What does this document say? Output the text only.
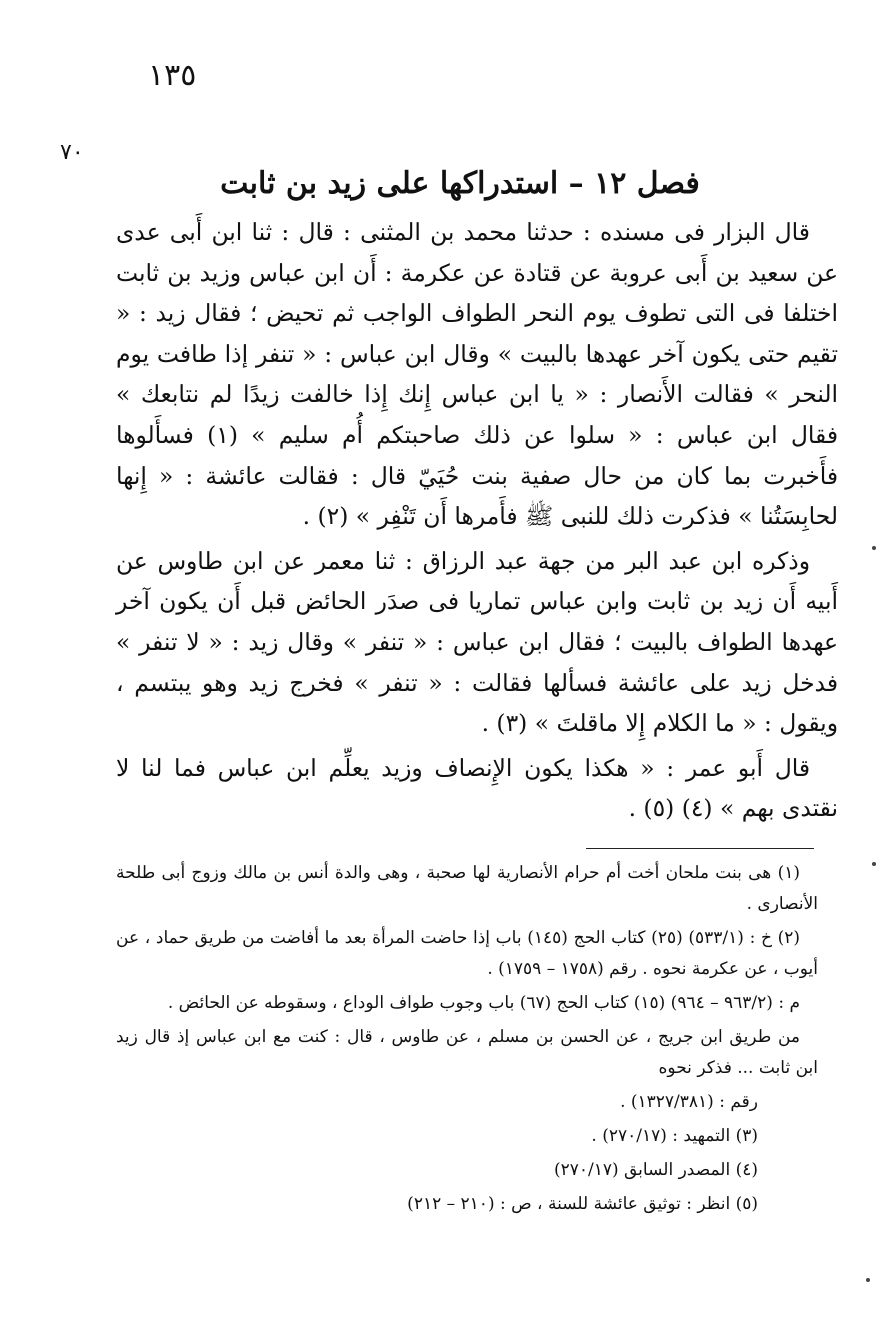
١٣٥
٧٠
فصل ١٢ – استدراكها على زيد بن ثابت

قال البزار فى مسنده : حدثنا محمد بن المثنى : قال : ثنا ابن أَبى عدى عن سعيد بن أَبى عروبة عن قتادة عن عكرمة : أَن ابن عباس وزيد بن ثابت اختلفا فى التى تطوف يوم النحر الطواف الواجب ثم تحيض ؛ فقال زيد : « تقيم حتى يكون آخر عهدها بالبيت » وقال ابن عباس : « تنفر إذا طافت يوم النحر » فقالت الأَنصار : « يا ابن عباس إِنك إِذا خالفت زيدًا لم نتابعك » فقال ابن عباس : « سلوا عن ذلك صاحبتكم أُم سليم » (١) فسأَلوها فأَخبرت بما كان من حال صفية بنت حُيَيّ قال : فقالت عائشة : « إِنها لحابِسَتُنا » فذكرت ذلك للنبى ﷺ فأَمرها أَن تَنْفِر » (٢) .

وذكره ابن عبد البر من جهة عبد الرزاق : ثنا معمر عن ابن طاوس عن أَبيه أَن زيد بن ثابت وابن عباس تماريا فى صدَر الحائض قبل أَن يكون آخر عهدها الطواف بالبيت ؛ فقال ابن عباس : « تنفر » وقال زيد : « لا تنفر » فدخل زيد على عائشة فسألها فقالت : « تنفر » فخرج زيد وهو يبتسم ، ويقول : « ما الكلام إِلا ماقلتَ » (٣) .

قال أَبو عمر : « هكذا يكون الإِنصاف وزيد يعلِّم ابن عباس فما لنا لا نقتدى بهم » (٤) (٥) .

(١) هى بنت ملحان أخت أم حرام الأنصارية لها صحبة ، وهى والدة أنس بن مالك وزوج أبى طلحة الأنصارى .

(٢) خ : (٥٣٣/١) (٢٥) كتاب الحج (١٤٥) باب إذا حاضت المرأة بعد ما أفاضت من طريق حماد ، عن أيوب ، عن عكرمة نحوه . رقم (١٧٥٨ – ١٧٥٩) .

م : (٩٦٣/٢ – ٩٦٤) (١٥) كتاب الحج (٦٧) باب وجوب طواف الوداع ، وسقوطه عن الحائض .

من طريق ابن جريج ، عن الحسن بن مسلم ، عن طاوس ، قال : كنت مع ابن عباس إذ قال زيد ابن ثابت ... فذكر نحوه

رقم : (١٣٢٧/٣٨١) .

(٣) التمهيد : (٢٧٠/١٧) .

(٤) المصدر السابق (٢٧٠/١٧)

(٥) انظر : توثيق عائشة للسنة ، ص : (٢١٠ – ٢١٢)
